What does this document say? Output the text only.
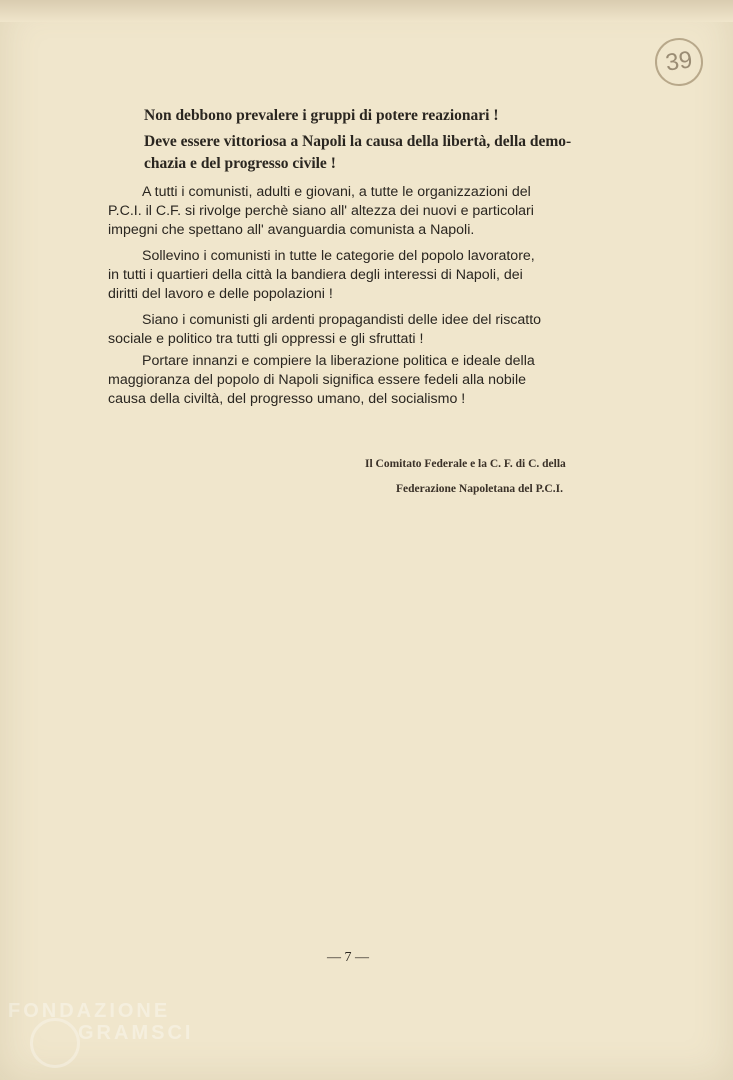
39
Non debbono prevalere i gruppi di potere reazionari !
Deve essere vittoriosa a Napoli la causa della libertà, della demo-
chazia e del progresso civile !

A tutti i comunisti, adulti e giovani, a tutte le organizzazioni del

P.C.I. il C.F. si rivolge perchè siano all' altezza dei nuovi e particolari

impegni che spettano all' avanguardia comunista a Napoli.

Sollevino i comunisti in tutte le categorie del popolo lavoratore,

in tutti i quartieri della città la bandiera degli interessi di Napoli, dei

diritti del lavoro e delle popolazioni !

Siano i comunisti gli ardenti propagandisti delle idee del riscatto

sociale e politico tra tutti gli oppressi e gli sfruttati !

Portare innanzi e compiere la liberazione politica e ideale della

maggioranza del popolo di Napoli significa essere fedeli alla nobile

causa della civiltà, del progresso umano, del socialismo !

Il Comitato Federale e la C. F. di C. della
Federazione Napoletana del P.C.I.
— 7 —
FONDAZIONE
GRAMSCI
